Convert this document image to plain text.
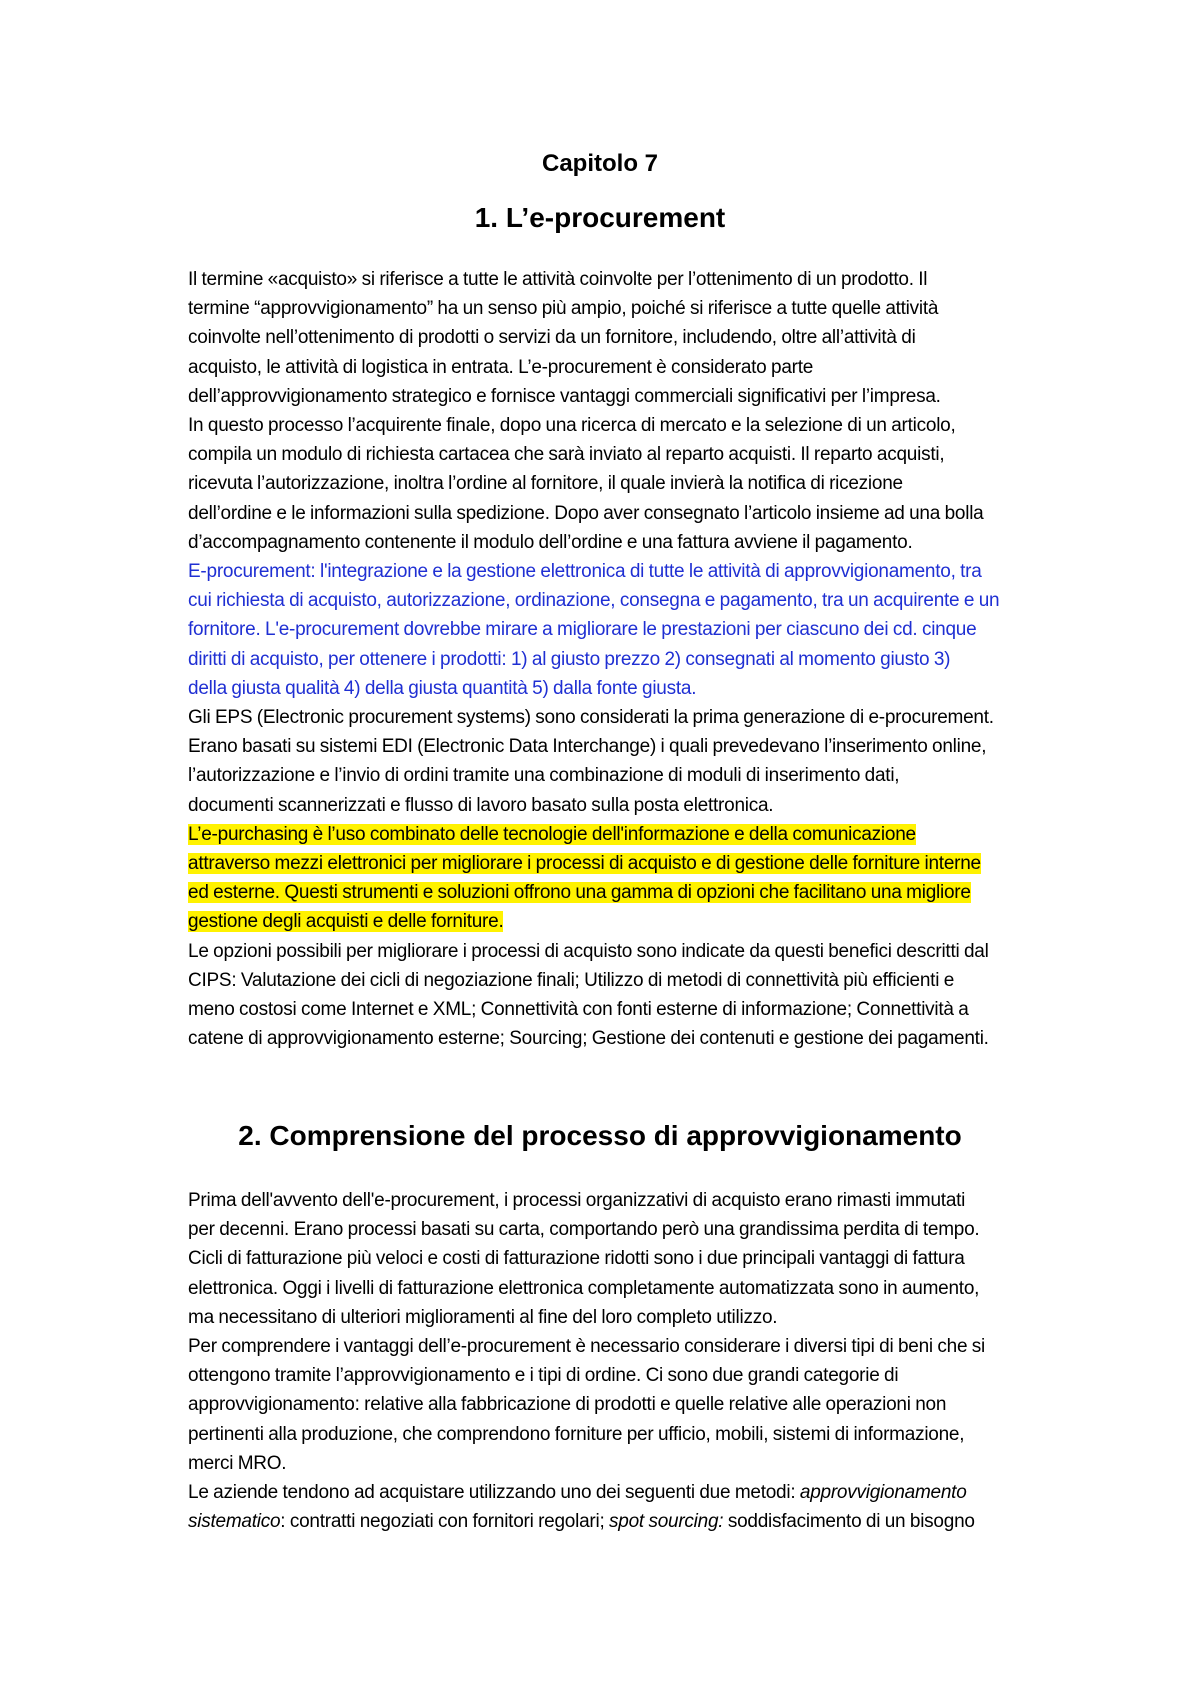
Capitolo 7
1. L’e-procurement
Il termine «acquisto» si riferisce a tutte le attività coinvolte per l’ottenimento di un prodotto. Il
termine “approvvigionamento” ha un senso più ampio, poiché si riferisce a tutte quelle attività
coinvolte nell’ottenimento di prodotti o servizi da un fornitore, includendo, oltre all’attività di
acquisto, le attività di logistica in entrata. L’e-procurement è considerato parte
dell’approvvigionamento strategico e fornisce vantaggi commerciali significativi per l’impresa.
In questo processo l’acquirente finale, dopo una ricerca di mercato e la selezione di un articolo,
compila un modulo di richiesta cartacea che sarà inviato al reparto acquisti. Il reparto acquisti,
ricevuta l’autorizzazione, inoltra l’ordine al fornitore, il quale invierà la notifica di ricezione
dell’ordine e le informazioni sulla spedizione. Dopo aver consegnato l’articolo insieme ad una bolla
d’accompagnamento contenente il modulo dell’ordine e una fattura avviene il pagamento.
E-procurement: l'integrazione e la gestione elettronica di tutte le attività di approvvigionamento, tra
cui richiesta di acquisto, autorizzazione, ordinazione, consegna e pagamento, tra un acquirente e un
fornitore. L'e-procurement dovrebbe mirare a migliorare le prestazioni per ciascuno dei cd. cinque
diritti di acquisto, per ottenere i prodotti: 1) al giusto prezzo 2) consegnati al momento giusto 3)
della giusta qualità 4) della giusta quantità 5) dalla fonte giusta.
Gli EPS (Electronic procurement systems) sono considerati la prima generazione di e-procurement.
Erano basati su sistemi EDI (Electronic Data Interchange) i quali prevedevano l’inserimento online,
l’autorizzazione e l’invio di ordini tramite una combinazione di moduli di inserimento dati,
documenti scannerizzati e flusso di lavoro basato sulla posta elettronica.
L’e-purchasing è l’uso combinato delle tecnologie dell'informazione e della comunicazione
attraverso mezzi elettronici per migliorare i processi di acquisto e di gestione delle forniture interne
ed esterne. Questi strumenti e soluzioni offrono una gamma di opzioni che facilitano una migliore
gestione degli acquisti e delle forniture.
Le opzioni possibili per migliorare i processi di acquisto sono indicate da questi benefici descritti dal
CIPS: Valutazione dei cicli di negoziazione finali; Utilizzo di metodi di connettività più efficienti e
meno costosi come Internet e XML; Connettività con fonti esterne di informazione; Connettività a
catene di approvvigionamento esterne; Sourcing; Gestione dei contenuti e gestione dei pagamenti.
2. Comprensione del processo di approvvigionamento
Prima dell'avvento dell'e-procurement, i processi organizzativi di acquisto erano rimasti immutati
per decenni. Erano processi basati su carta, comportando però una grandissima perdita di tempo.
Cicli di fatturazione più veloci e costi di fatturazione ridotti sono i due principali vantaggi di fattura
elettronica. Oggi i livelli di fatturazione elettronica completamente automatizzata sono in aumento,
ma necessitano di ulteriori miglioramenti al fine del loro completo utilizzo.
Per comprendere i vantaggi dell’e-procurement è necessario considerare i diversi tipi di beni che si
ottengono tramite l’approvvigionamento e i tipi di ordine. Ci sono due grandi categorie di
approvvigionamento: relative alla fabbricazione di prodotti e quelle relative alle operazioni non
pertinenti alla produzione, che comprendono forniture per ufficio, mobili, sistemi di informazione,
merci MRO.
Le aziende tendono ad acquistare utilizzando uno dei seguenti due metodi: approvvigionamento
sistematico: contratti negoziati con fornitori regolari; spot sourcing: soddisfacimento di un bisogno
